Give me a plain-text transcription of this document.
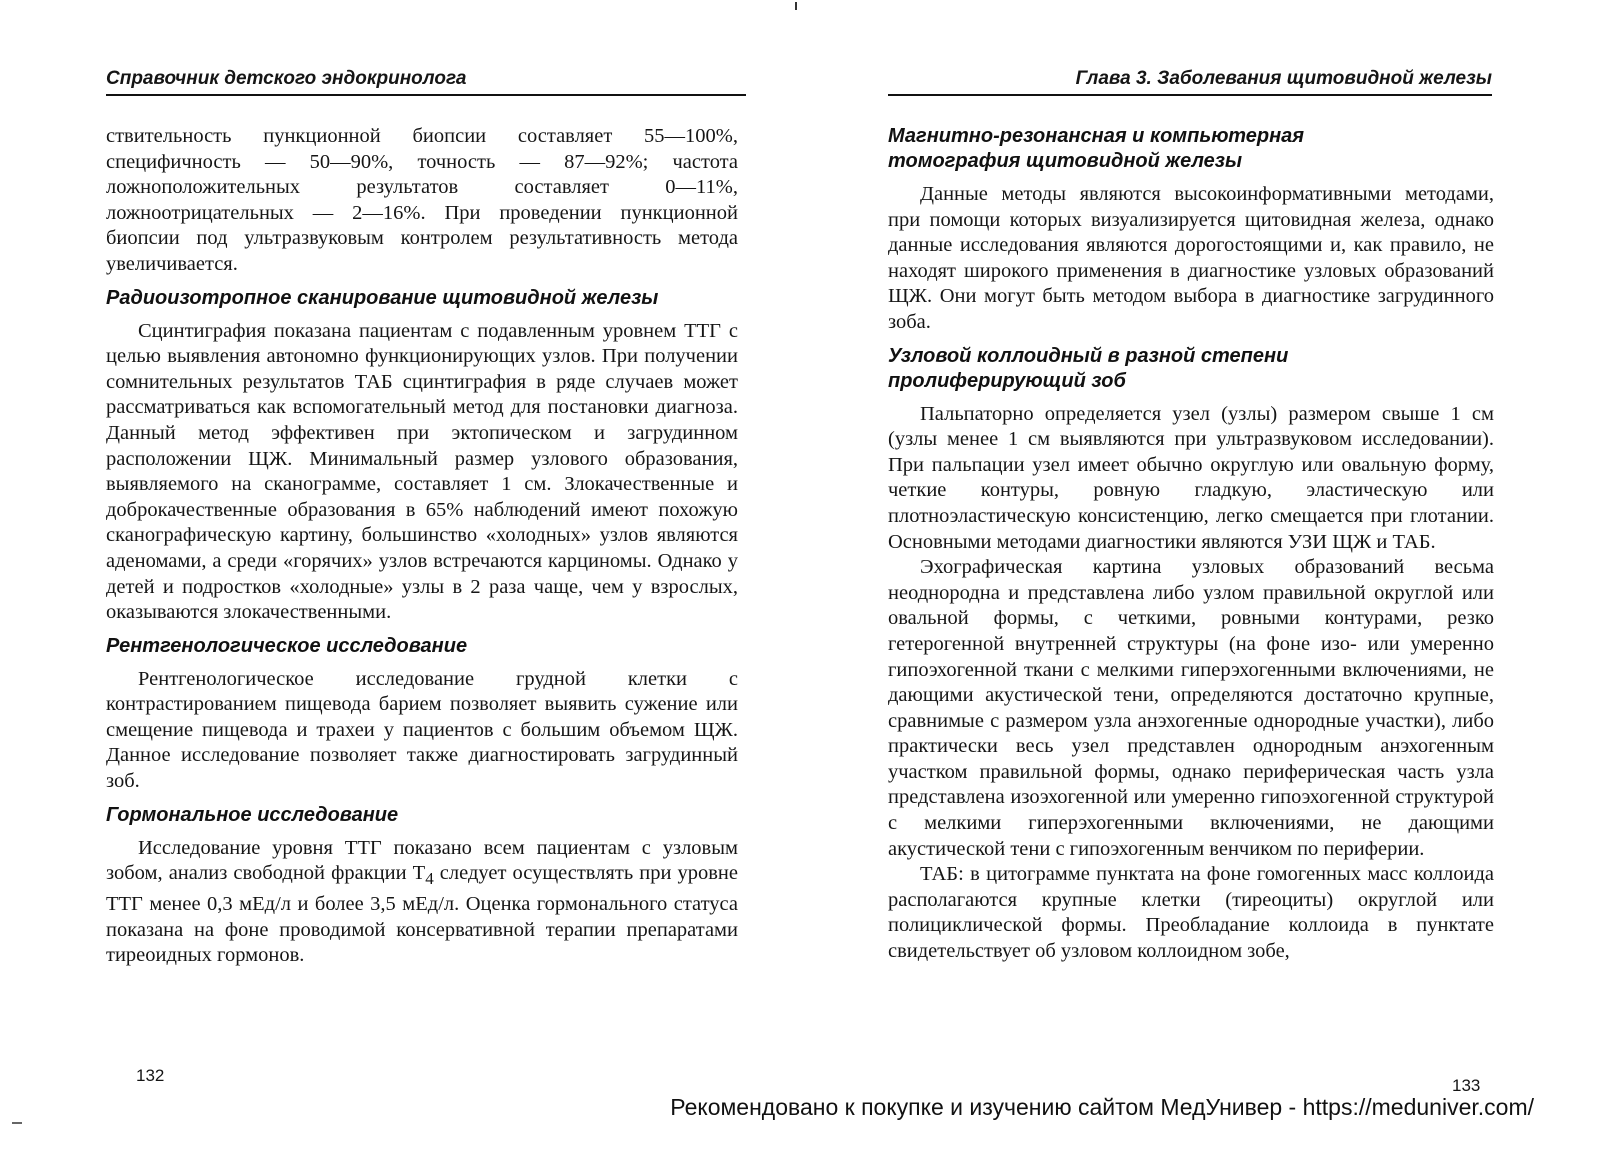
Справочник детского эндокринолога

ствительность пункционной биопсии составляет 55—100%, специфичность — 50—90%, точность — 87—92%; частота ложноположительных результатов составляет 0—11%, ложноотрицательных — 2—16%. При проведении пункционной биопсии под ультразвуковым контролем результативность метода увеличивается.

Радиоизотропное сканирование щитовидной железы

Сцинтиграфия показана пациентам с подавленным уровнем ТТГ с целью выявления автономно функционирующих узлов. При получении сомнительных результатов ТАБ сцинтиграфия в ряде случаев может рассматриваться как вспомогательный метод для постановки диагноза. Данный метод эффективен при эктопическом и загрудинном расположении ЩЖ. Минимальный размер узлового образования, выявляемого на сканограмме, составляет 1 см. Злокачественные и доброкачественные образования в 65% наблюдений имеют похожую сканографическую картину, большинство «холодных» узлов являются аденомами, а среди «горячих» узлов встречаются карциномы. Однако у детей и подростков «холодные» узлы в 2 раза чаще, чем у взрослых, оказываются злокачественными.

Рентгенологическое исследование

Рентгенологическое исследование грудной клетки с контрастированием пищевода барием позволяет выявить сужение или смещение пищевода и трахеи у пациентов с большим объемом ЩЖ. Данное исследование позволяет также диагностировать загрудинный зоб.

Гормональное исследование

Исследование уровня ТТГ показано всем пациентам с узловым зобом, анализ свободной фракции $Т_4$ следует осуществлять при уровне ТТГ менее 0,3 мЕд/л и более 3,5 мЕд/л. Оценка гормонального статуса показана на фоне проводимой консервативной терапии препаратами тиреоидных гормонов.

132
Глава 3. Заболевания щитовидной железы
Магнитно-резонансная и компьютерная
томография щитовидной железы

Данные методы являются высокоинформативными методами, при помощи которых визуализируется щитовидная железа, однако данные исследования являются дорогостоящими и, как правило, не находят широкого применения в диагностике узловых образований ЩЖ. Они могут быть методом выбора в диагностике загрудинного зоба.

Узловой коллоидный в разной степени
пролиферирующий зоб

Пальпаторно определяется узел (узлы) размером свыше 1 см (узлы менее 1 см выявляются при ультразвуковом исследовании). При пальпации узел имеет обычно округлую или овальную форму, четкие контуры, ровную гладкую, эластическую или плотноэластическую консистенцию, легко смещается при глотании. Основными методами диагностики являются УЗИ ЩЖ и ТАБ.

Эхографическая картина узловых образований весьма неоднородна и представлена либо узлом правильной округлой или овальной формы, с четкими, ровными контурами, резко гетерогенной внутренней структуры (на фоне изо- или умеренно гипоэхогенной ткани с мелкими гиперэхогенными включениями, не дающими акустической тени, определяются достаточно крупные, сравнимые с размером узла анэхогенные однородные участки), либо практически весь узел представлен однородным анэхогенным участком правильной формы, однако периферическая часть узла представлена изоэхогенной или умеренно гипоэхогенной структурой с мелкими гиперэхогенными включениями, не дающими акустической тени с гипоэхогенным венчиком по периферии.

ТАБ: в цитограмме пунктата на фоне гомогенных масс коллоида располагаются крупные клетки (тиреоциты) округлой или полициклической формы. Преобладание коллоида в пунктате свидетельствует об узловом коллоидном зобе,

133
Рекомендовано к покупке и изучению сайтом МедУнивер - https://meduniver.com/
